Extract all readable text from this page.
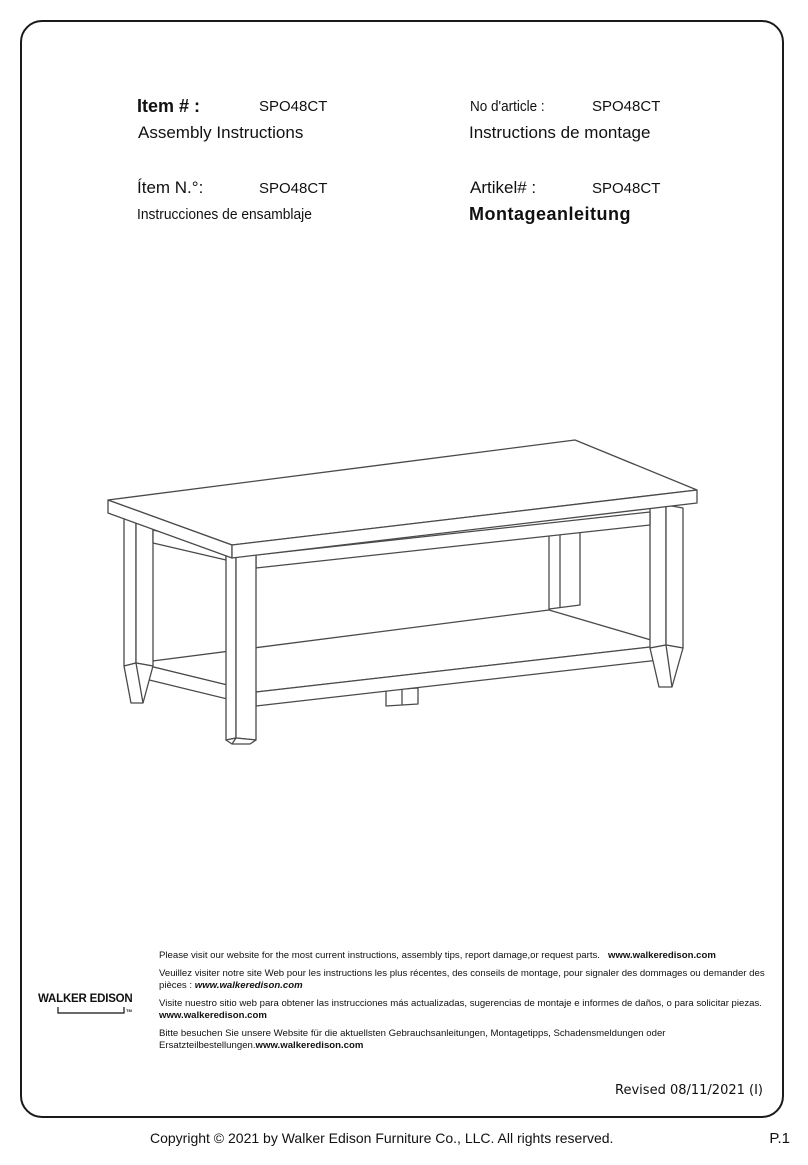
Item # :	SPO48CT
Assembly Instructions
No d'article :	SPO48CT
Instructions de montage
Ítem N.°:	SPO48CT
Instrucciones de ensamblaje
Artikel# :	SPO48CT
Montageanleitung

Please visit our website for the most current instructions, assembly tips, report damage,or request parts. www.walkeredison.com

Veuillez visiter notre site Web pour les instructions les plus récentes, des conseils de montage, pour signaler des dommages ou demander des pièces : www.walkeredison.com

Visite nuestro sitio web para obtener las instrucciones más actualizadas, sugerencias de montaje e informes de daños, o para solicitar piezas. www.walkeredison.com

Bitte besuchen Sie unsere Website für die aktuellsten Gebrauchsanleitungen, Montagetipps, Schadensmeldungen oder Ersatzteilbestellungen.www.walkeredison.com

WALKER EDISON
TM
Revised 08/11/2021 (I)
Copyright © 2021 by Walker Edison Furniture Co., LLC. All rights reserved.	P.1
